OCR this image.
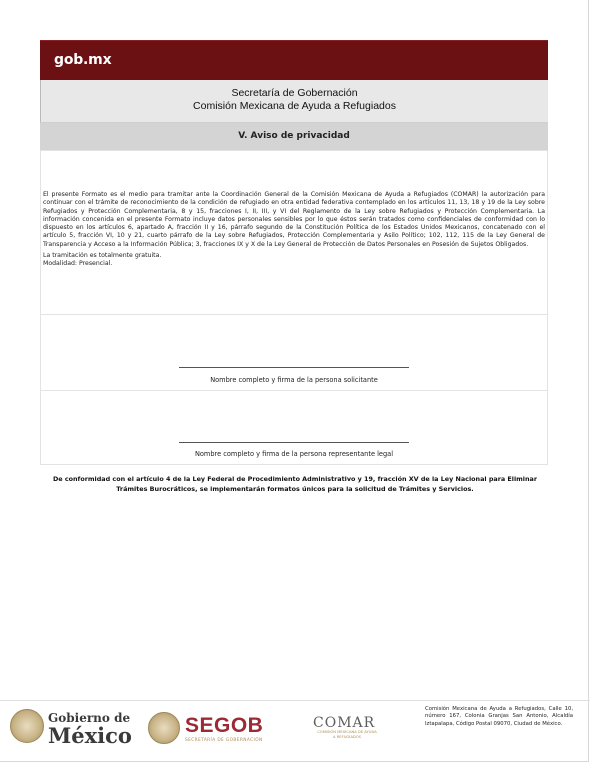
gob.mx
Secretaría de Gobernación
Comisión Mexicana de Ayuda a Refugiados
V. Aviso de privacidad

El presente Formato es el medio para tramitar ante la Coordinación General de la Comisión Mexicana de Ayuda a Refugiados (COMAR) la autorización para continuar con el trámite de reconocimiento de la condición de refugiado en otra entidad federativa contemplado en los artículos 11, 13, 18 y 19 de la Ley sobre Refugiados y Protección Complementaria, 8 y 15, fracciones I, II, III, y VI del Reglamento de la Ley sobre Refugiados y Protección Complementaria. La información concenida en el presente Formato incluye datos personales sensibles por lo que éstos serán tratados como confidenciales de conformidad con lo dispuesto en los artículos 6, apartado A, fracción II y 16, párrafo segundo de la Constitución Política de los Estados Unidos Mexicanos, concatenado con el artículo 5, fracción VI, 10 y 21, cuarto párrafo de la Ley sobre Refugiados, Protección Complementaria y Asilo Político; 102, 112, 115 de la Ley General de Transparencia y Acceso a la Información Pública; 3, fracciones IX y X de la Ley General de Protección de Datos Personales en Posesión de Sujetos Obligados.

La tramitación es totalmente gratuita.

Modalidad: Presencial.

Nombre completo y firma de la persona solicitante
Nombre completo y firma de la persona representante legal
De conformidad con el artículo 4 de la Ley Federal de Procedimiento Administrativo y 19, fracción XV de la Ley Nacional para Eliminar Trámites Burocráticos, se implementarán formatos únicos para la solicitud de Trámites y Servicios.
Gobierno de
México	SEGOB
SECRETARÍA DE GOBERNACIÓN
COMAR
COMISIÓN MEXICANA DE AYUDA A REFUGIADOS
Comisión Mexicana de Ayuda a Refugiados, Calle 10, número 167, Colonia Granjas San Antonio, Alcaldía Iztapalapa, Código Postal 09070, Ciudad de México.
